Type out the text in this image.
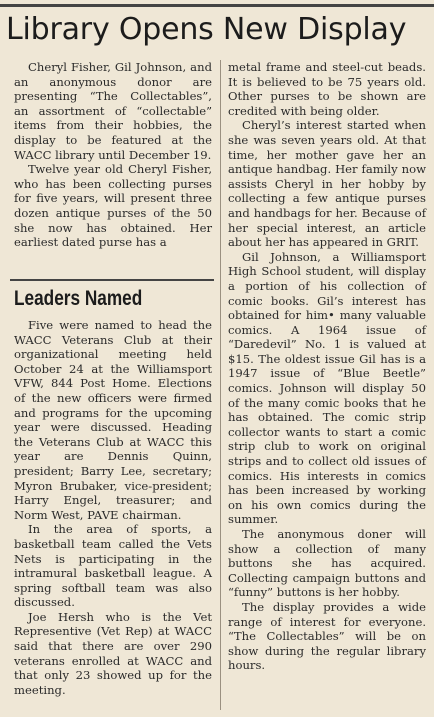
Library Opens New Display

Cheryl Fisher, Gil Johnson, and an anonymous donor are presenting “The Collectables”, an assortment of “collectable” items from their hobbies, the display to be featured at the WACC library until December 19.

Twelve year old Cheryl Fisher, who has been collecting purses for five years, will present three dozen antique purses of the 50 she now has obtained. Her earliest dated purse has a

metal frame and steel-cut beads. It is believed to be 75 years old. Other purses to be shown are credited with being older.

Cheryl’s interest started when she was seven years old. At that time, her mother gave her an antique handbag. Her family now assists Cheryl in her hobby by collecting a few antique purses and handbags for her. Because of her special interest, an article about her has appeared in GRIT.

Gil Johnson, a Williamsport High School student, will display a portion of his collection of comic books. Gil’s interest has obtained for him• many valuable comics. A 1964 issue of “Daredevil” No. 1 is valued at $15. The oldest issue Gil has is a 1947 issue of “Blue Beetle” comics. Johnson will display 50 of the many comic books that he has obtained. The comic strip collector wants to start a comic strip club to work on original strips and to collect old issues of comics. His interests in comics has been increased by working on his own comics during the summer.

The anonymous doner will show a collection of many buttons she has acquired. Collecting campaign buttons and “funny” buttons is her hobby.

The display provides a wide range of interest for everyone. “The Collectables” will be on show during the regular library hours.

Leaders Named

Five were named to head the WACC Veterans Club at their organizational meeting held October 24 at the Williamsport VFW, 844 Post Home. Elections of the new officers were firmed and programs for the upcoming year were discussed. Heading the Veterans Club at WACC this year are Dennis Quinn, president; Barry Lee, secretary; Myron Brubaker, vice-president; Harry Engel, treasurer; and Norm West, PAVE chairman.

In the area of sports, a basketball team called the Vets Nets is participating in the intramural basketball league. A spring softball team was also discussed.

Joe Hersh who is the Vet Representive (Vet Rep) at WACC said that there are over 290 veterans enrolled at WACC and that only 23 showed up for the meeting.
